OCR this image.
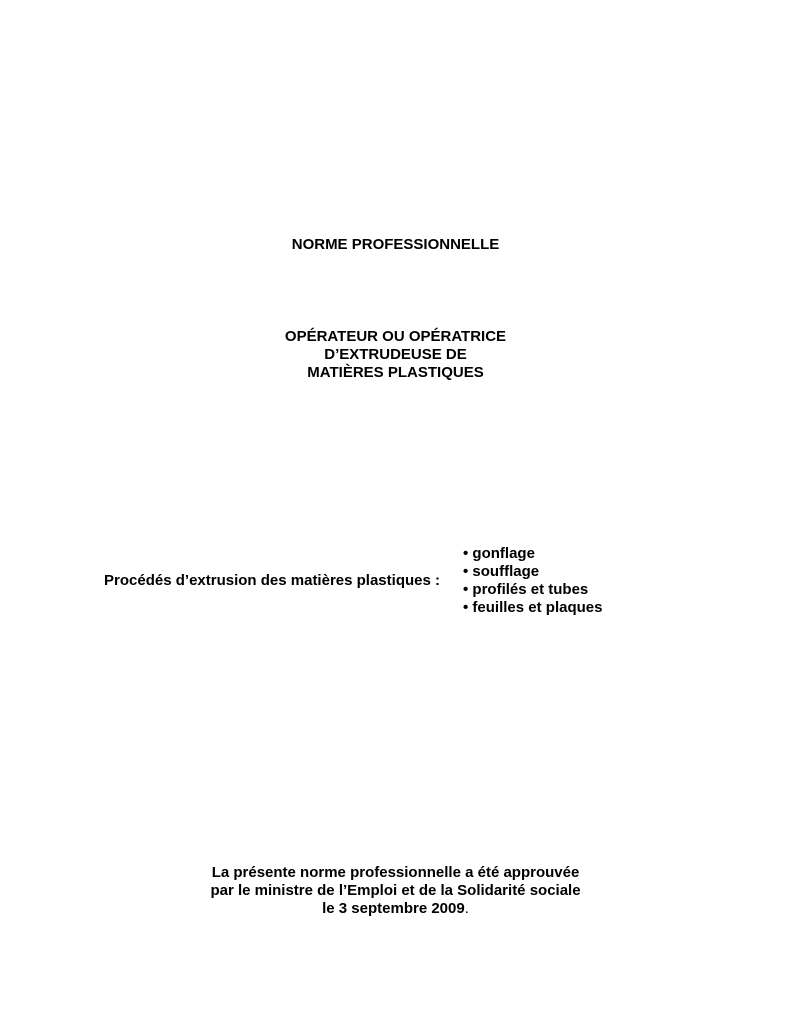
NORME PROFESSIONNELLE
OPÉRATEUR OU OPÉRATRICE
D’EXTRUDEUSE DE
MATIÈRES PLASTIQUES
Procédés d’extrusion des matières plastiques :
• gonflage
• soufflage
• profilés et tubes
• feuilles et plaques
La présente norme professionnelle a été approuvée
par le ministre de l’Emploi et de la Solidarité sociale
le 3 septembre 2009.
